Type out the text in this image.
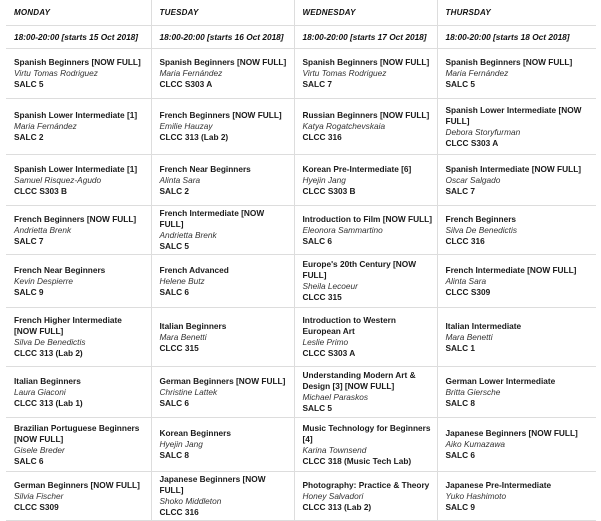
MONDAY	TUESDAY	WEDNESDAY	THURSDAY
18:00-20:00 [starts 15 Oct 2018]	18:00-20:00 [starts 16 Oct 2018]	18:00-20:00 [starts 17 Oct 2018]	18:00-20:00 [starts 18 Oct 2018]

Spanish Beginners [NOW FULL]
Virtu Tomas Rodriguez
SALC 5	Spanish Beginners [NOW FULL]
Maria Fernández
CLCC S303 A	Spanish Beginners [NOW FULL]
Virtu Tomas Rodriguez
SALC 7	Spanish Beginners [NOW FULL]
Maria Fernández
SALC 5

Spanish Lower Intermediate [1]
Maria Fernández
SALC 2	French Beginners [NOW FULL]
Emilie Hauzay
CLCC 313 (Lab 2)	Russian Beginners [NOW FULL]
Katya Rogatchevskaia
CLCC 316	Spanish Lower Intermediate [NOW FULL]
Debora Storyfurman
CLCC S303 A

Spanish Lower Intermediate [1]
Samuel Risquez-Agudo
CLCC S303 B	French Near Beginners
Alinta Sara
SALC 2	Korean Pre-Intermediate [6]
Hyejin Jang
CLCC S303 B	Spanish Intermediate [NOW FULL]
Oscar Salgado
SALC 7

French Beginners [NOW FULL]
Andrietta Brenk
SALC 7	French Intermediate [NOW FULL]
Andrietta Brenk
SALC 5	Introduction to Film [NOW FULL]
Eleonora Sammartino
SALC 6	French Beginners
Silva De Benedictis
CLCC 316

French Near Beginners
Kevin Despierre
SALC 9	French Advanced
Helene Butz
SALC 6	Europe's 20th Century [NOW FULL]
Sheila Lecoeur
CLCC 315	French Intermediate [NOW FULL]
Alinta Sara
CLCC S309

French Higher Intermediate [NOW FULL]
Silva De Benedictis
CLCC 313 (Lab 2)	Italian Beginners
Mara Benetti
CLCC 315	Introduction to Western European Art
Leslie Primo
CLCC S303 A	Italian Intermediate
Mara Benetti
SALC 1

Italian Beginners
Laura Giaconi
CLCC 313 (Lab 1)	German Beginners [NOW FULL]
Christine Lattek
SALC 6	Understanding Modern Art & Design [3] [NOW FULL]
Michael Paraskos
SALC 5	German Lower Intermediate
Britta Giersche
SALC 8

Brazilian Portuguese Beginners [NOW FULL]
Gisele Breder
SALC 6	Korean Beginners
Hyejin Jang
SALC 8	Music Technology for Beginners [4]
Karina Townsend
CLCC 318 (Music Tech Lab)	Japanese Beginners [NOW FULL]
Aiko Kumazawa
SALC 6

German Beginners [NOW FULL]
Silvia Fischer
CLCC S309	Japanese Beginners [NOW FULL]
Shoko Middleton
CLCC 316	Photography: Practice & Theory
Honey Salvadori
CLCC 313 (Lab 2)	Japanese Pre-Intermediate
Yuko Hashimoto
SALC 9
